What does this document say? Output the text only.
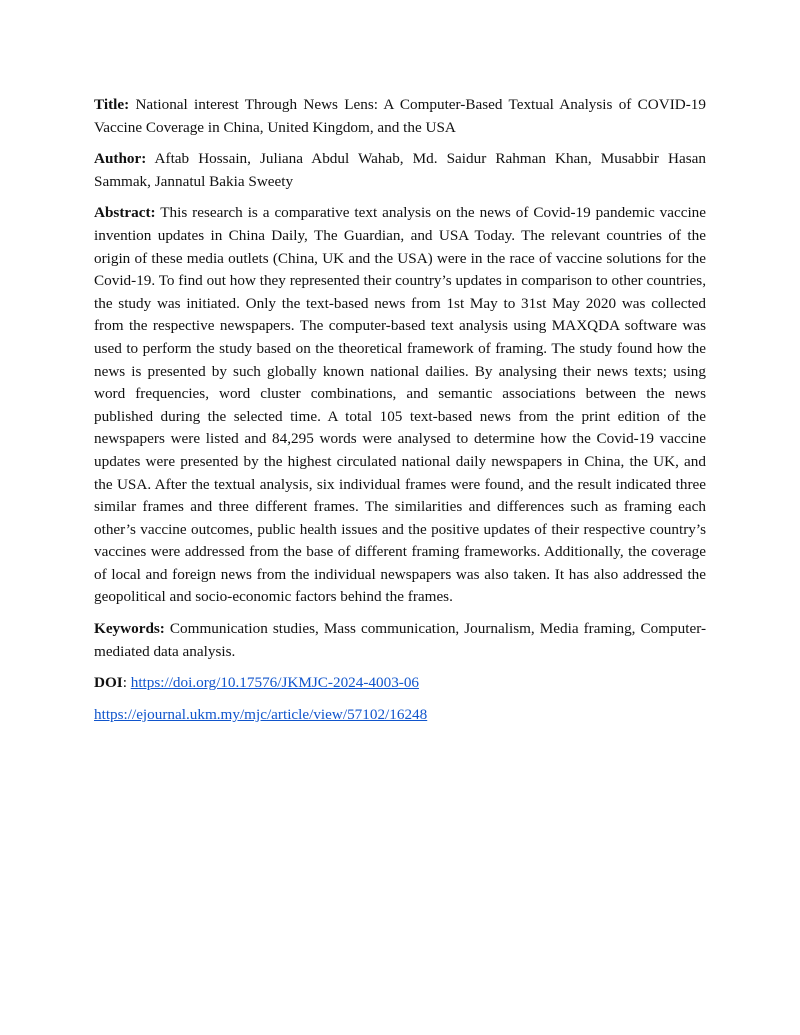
Title: National interest Through News Lens: A Computer-Based Textual Analysis of COVID-19 Vaccine Coverage in China, United Kingdom, and the USA

Author: Aftab Hossain, Juliana Abdul Wahab, Md. Saidur Rahman Khan, Musabbir Hasan Sammak, Jannatul Bakia Sweety

Abstract: This research is a comparative text analysis on the news of Covid-19 pandemic vaccine invention updates in China Daily, The Guardian, and USA Today. The relevant countries of the origin of these media outlets (China, UK and the USA) were in the race of vaccine solutions for the Covid-19. To find out how they represented their country’s updates in comparison to other countries, the study was initiated. Only the text-based news from 1st May to 31st May 2020 was collected from the respective newspapers. The computer-based text analysis using MAXQDA software was used to perform the study based on the theoretical framework of framing. The study found how the news is presented by such globally known national dailies. By analysing their news texts; using word frequencies, word cluster combinations, and semantic associations between the news published during the selected time. A total 105 text-based news from the print edition of the newspapers were listed and 84,295 words were analysed to determine how the Covid-19 vaccine updates were presented by the highest circulated national daily newspapers in China, the UK, and the USA. After the textual analysis, six individual frames were found, and the result indicated three similar frames and three different frames. The similarities and differences such as framing each other’s vaccine outcomes, public health issues and the positive updates of their respective country’s vaccines were addressed from the base of different framing frameworks. Additionally, the coverage of local and foreign news from the individual newspapers was also taken. It has also addressed the geopolitical and socio-economic factors behind the frames.

Keywords: Communication studies, Mass communication, Journalism, Media framing, Computer-mediated data analysis.

DOI: https://doi.org/10.17576/JKMJC-2024-4003-06

https://ejournal.ukm.my/mjc/article/view/57102/16248
